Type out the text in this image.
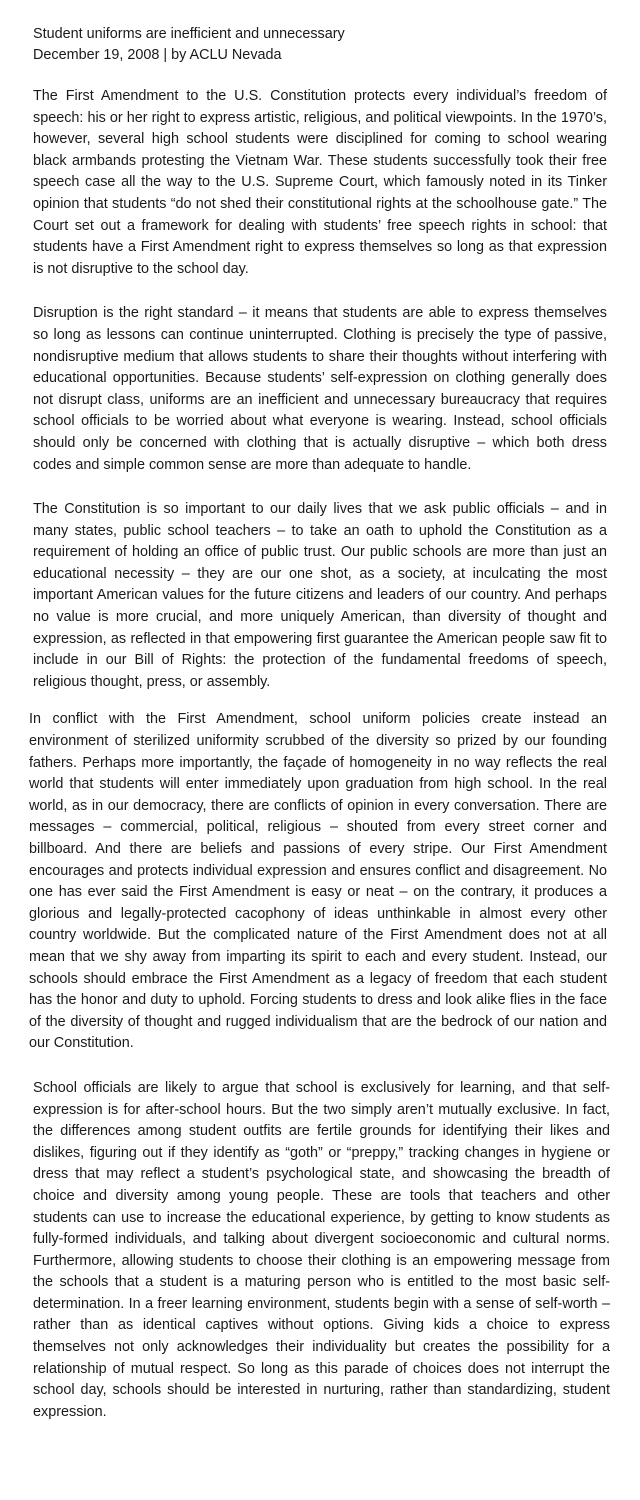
Student uniforms are inefficient and unnecessary

December 19, 2008 | by ACLU Nevada

The First Amendment to the U.S. Constitution protects every individual’s freedom of speech: his or her right to express artistic, religious, and political viewpoints. In the 1970’s, however, several high school students were disciplined for coming to school wearing black armbands protesting the Vietnam War. These students successfully took their free speech case all the way to the U.S. Supreme Court, which famously noted in its Tinker opinion that students “do not shed their constitutional rights at the schoolhouse gate.” The Court set out a framework for dealing with students’ free speech rights in school: that students have a First Amendment right to express themselves so long as that expression is not disruptive to the school day.

Disruption is the right standard – it means that students are able to express themselves so long as lessons can continue uninterrupted. Clothing is precisely the type of passive, nondisruptive medium that allows students to share their thoughts without interfering with educational opportunities. Because students’ self-expression on clothing generally does not disrupt class, uniforms are an inefficient and unnecessary bureaucracy that requires school officials to be worried about what everyone is wearing. Instead, school officials should only be concerned with clothing that is actually disruptive – which both dress codes and simple common sense are more than adequate to handle.

The Constitution is so important to our daily lives that we ask public officials – and in many states, public school teachers – to take an oath to uphold the Constitution as a requirement of holding an office of public trust. Our public schools are more than just an educational necessity – they are our one shot, as a society, at inculcating the most important American values for the future citizens and leaders of our country. And perhaps no value is more crucial, and more uniquely American, than diversity of thought and expression, as reflected in that empowering first guarantee the American people saw fit to include in our Bill of Rights: the protection of the fundamental freedoms of speech, religious thought, press, or assembly.

In conflict with the First Amendment, school uniform policies create instead an environment of sterilized uniformity scrubbed of the diversity so prized by our founding fathers. Perhaps more importantly, the façade of homogeneity in no way reflects the real world that students will enter immediately upon graduation from high school. In the real world, as in our democracy, there are conflicts of opinion in every conversation. There are messages – commercial, political, religious – shouted from every street corner and billboard. And there are beliefs and passions of every stripe. Our First Amendment encourages and protects individual expression and ensures conflict and disagreement. No one has ever said the First Amendment is easy or neat – on the contrary, it produces a glorious and legally-protected cacophony of ideas unthinkable in almost every other country worldwide. But the complicated nature of the First Amendment does not at all mean that we shy away from imparting its spirit to each and every student. Instead, our schools should embrace the First Amendment as a legacy of freedom that each student has the honor and duty to uphold. Forcing students to dress and look alike flies in the face of the diversity of thought and rugged individualism that are the bedrock of our nation and our Constitution.

School officials are likely to argue that school is exclusively for learning, and that self-expression is for after-school hours. But the two simply aren’t mutually exclusive. In fact, the differences among student outfits are fertile grounds for identifying their likes and dislikes, figuring out if they identify as “goth” or “preppy,” tracking changes in hygiene or dress that may reflect a student’s psychological state, and showcasing the breadth of choice and diversity among young people. These are tools that teachers and other students can use to increase the educational experience, by getting to know students as fully-formed individuals, and talking about divergent socioeconomic and cultural norms. Furthermore, allowing students to choose their clothing is an empowering message from the schools that a student is a maturing person who is entitled to the most basic self-determination. In a freer learning environment, students begin with a sense of self-worth – rather than as identical captives without options. Giving kids a choice to express themselves not only acknowledges their individuality but creates the possibility for a relationship of mutual respect. So long as this parade of choices does not interrupt the school day, schools should be interested in nurturing, rather than standardizing, student expression.
